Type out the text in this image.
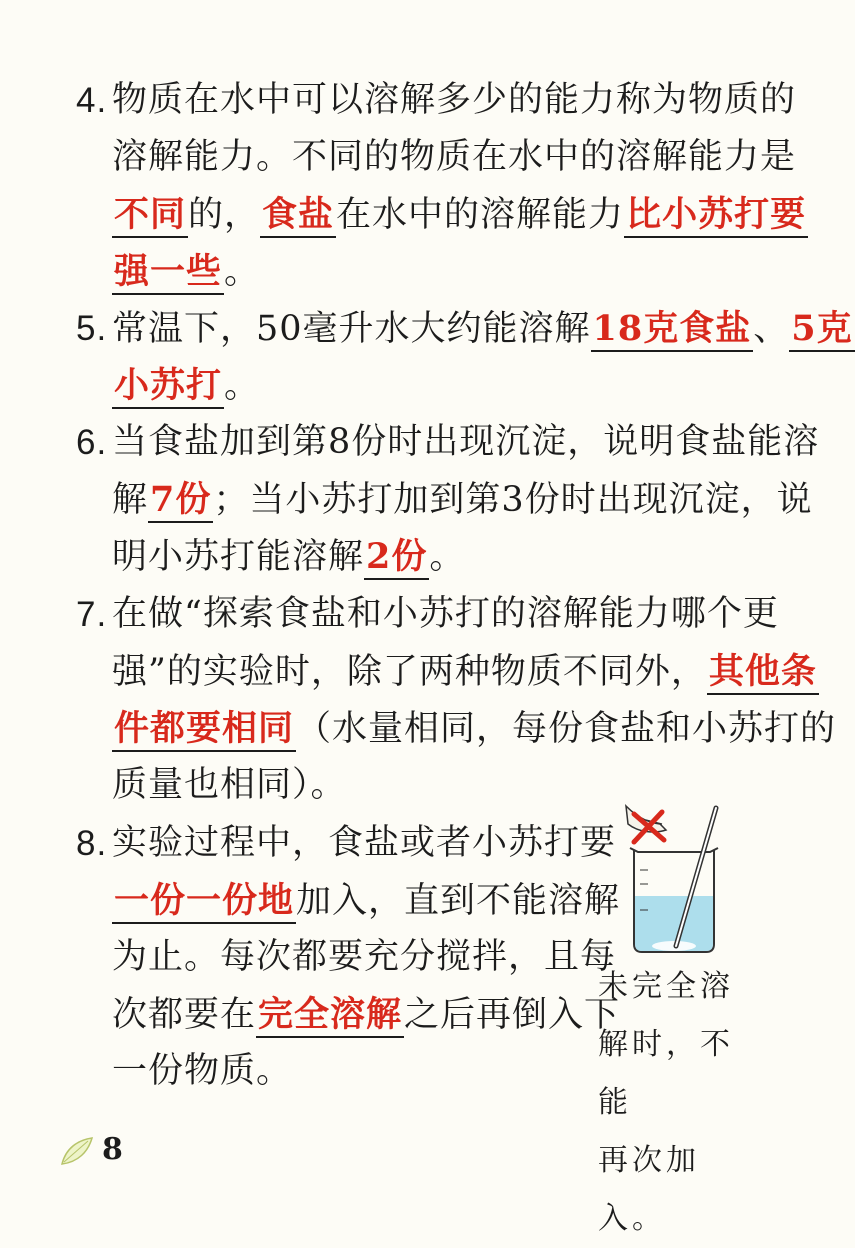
4. 物质在水中可以溶解多少的能力称为物质的
溶解能力。不同的物质在水中的溶解能力是
不同的，食盐在水中的溶解能力比小苏打要
强一些。
5. 常温下，50毫升水大约能溶解18克食盐、5克
小苏打。
6. 当食盐加到第8份时出现沉淀，说明食盐能溶
解7份；当小苏打加到第3份时出现沉淀，说
明小苏打能溶解2份。
7. 在做“探索食盐和小苏打的溶解能力哪个更
强”的实验时，除了两种物质不同外，其他条
件都要相同（水量相同，每份食盐和小苏打的
质量也相同）。
8. 实验过程中，食盐或者小苏打要
一份一份地加入，直到不能溶解
为止。每次都要充分搅拌，且每
次都要在完全溶解之后再倒入下
一份物质。
未完全溶
解时，不能
再次加入。
8
